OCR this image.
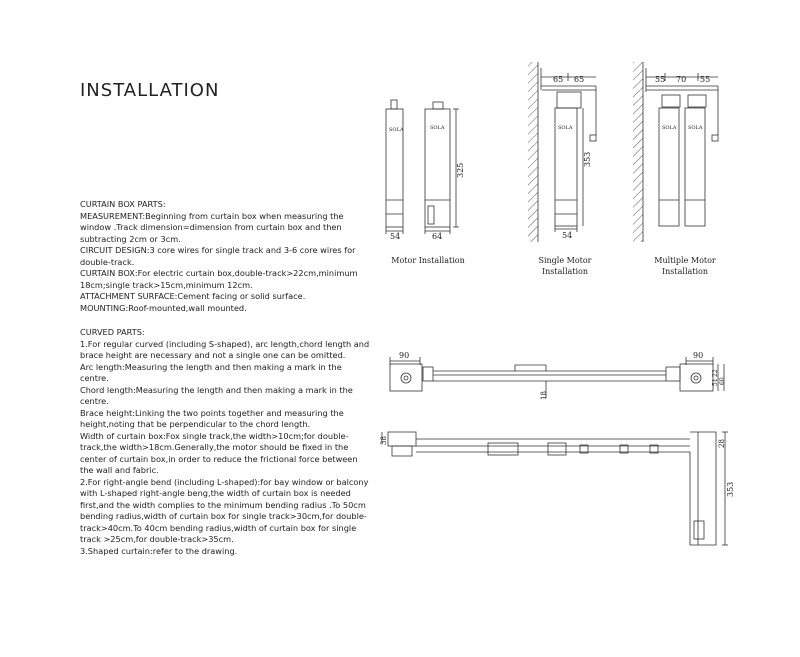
INSTALLATION

CURTAIN BOX PARTS:

MEASUREMENT:Beginning from curtain box when measuring the window .Track dimension=dimension from curtain box and then subtracting 2cm or 3cm.

CIRCUIT DESIGN:3 core wires for single track and 3-6 core wires for double-track.

CURTAIN BOX:For electric curtain box,double-track>22cm,minimum 18cm;single track>15cm,minimum 12cm.

ATTACHMENT SURFACE:Cement facing or solid surface.

MOUNTING:Roof-mounted,wall mounted.

CURVED PARTS:

1.For regular curved (including S-shaped), arc length,chord length and brace height are necessary and not a single one can be omitted.

Arc length:Measuring the length and then making a mark in the centre.

Chord length:Measuring the length and then making a mark in the centre.

Brace height:Linking the two points together and measuring the height,noting that be perpendicular to the chord length.

Width of curtain box:Fox single track,the width>10cm;for double-track,the width>18cm.Generally,the motor should be fixed in the center of curtain box,in order to reduce the frictional force between the wall and fabric.

2.For right-angle bend (including L-shaped):for bay window or balcony with L-shaped right-angle beng,the width of curtain box is needed first,and the width complies to the minimum bending radius .To 50cm bending radius,width of curtain box for single track>30cm,for double-track>40cm.To 40cm bending radius,width of curtain box for single track >25cm,for double-track>35cm.

3.Shaped curtain:refer to the drawing.

SOLA	SOLA
54	64
325
65 65
SOLA
353
54
55 70 55
SOLA SOLA
90	90
18
22
51 60
38	28
353
Motor Installation	Single Motor
Installation
Multiple Motor
Installation
